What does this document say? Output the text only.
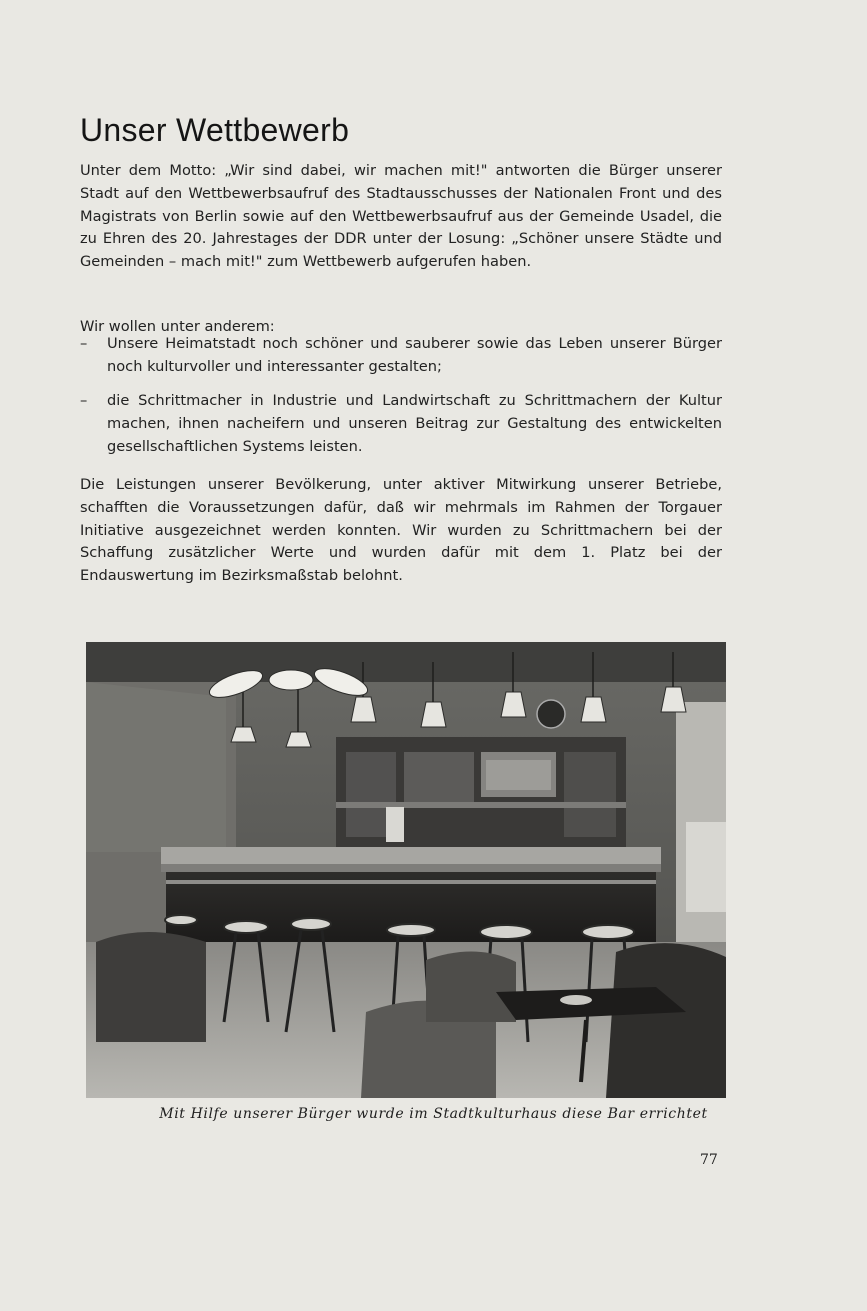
Unser Wettbewerb

Unter dem Motto: „Wir sind dabei, wir machen mit!" antworten die Bürger unserer Stadt auf den Wettbewerbsaufruf des Stadtausschusses der Nationalen Front und des Magistrats von Berlin sowie auf den Wettbewerbsaufruf aus der Gemeinde Usadel, die zu Ehren des 20. Jahrestages der DDR unter der Losung: „Schöner unsere Städte und Gemeinden – mach mit!" zum Wettbewerb aufgerufen haben.

Wir wollen unter anderem:

– Unsere Heimatstadt noch schöner und sauberer sowie das Leben unserer Bürger noch kulturvoller und interessanter gestalten;
– die Schrittmacher in Industrie und Landwirtschaft zu Schrittmachern der Kultur machen, ihnen nacheifern und unseren Beitrag zur Gestaltung des entwickelten gesellschaftlichen Systems leisten.

Die Leistungen unserer Bevölkerung, unter aktiver Mitwirkung unserer Betriebe, schafften die Voraussetzungen dafür, daß wir mehrmals im Rahmen der Torgauer Initiative ausgezeichnet werden konnten. Wir wurden zu Schrittmachern bei der Schaffung zusätzlicher Werte und wurden dafür mit dem 1. Platz bei der Endauswertung im Bezirksmaßstab belohnt.

Mit Hilfe unserer Bürger wurde im Stadtkulturhaus diese Bar errichtet

77
